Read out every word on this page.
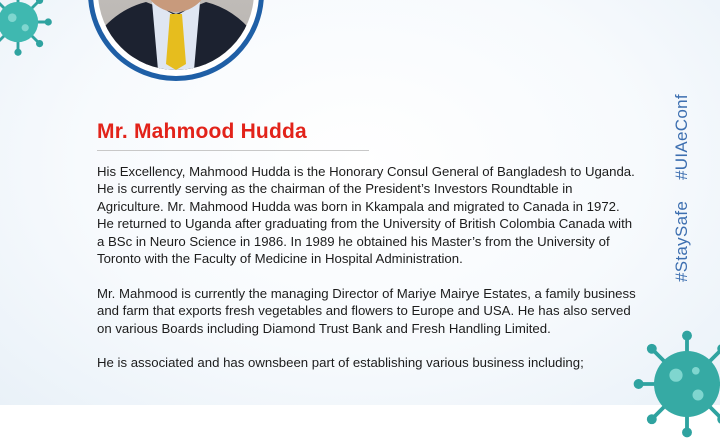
Mr. Mahmood Hudda

His Excellency, Mahmood Hudda is the Honorary Consul General of Bangladesh to Uganda. He is currently serving as the chairman of the President’s Investors Roundtable in Agriculture. Mr. Mahmood Hudda was born in Kkampala and migrated to Canada in 1972. He returned to Uganda after graduating from the University of British Colombia Canada with a BSc in Neuro Science in 1986. In 1989 he obtained his Master’s from the University of Toronto with the Faculty of Medicine in Hospital Administration.

Mr. Mahmood is currently the managing Director of Mariye Mairye Estates, a family business and farm that exports fresh vegetables and flowers to Europe and USA. He has also served on various Boards including Diamond Trust Bank and Fresh Handling Limited.

He is associated and has ownsbeen part of establishing various business including;

#UIAeConf
#StaySafe
